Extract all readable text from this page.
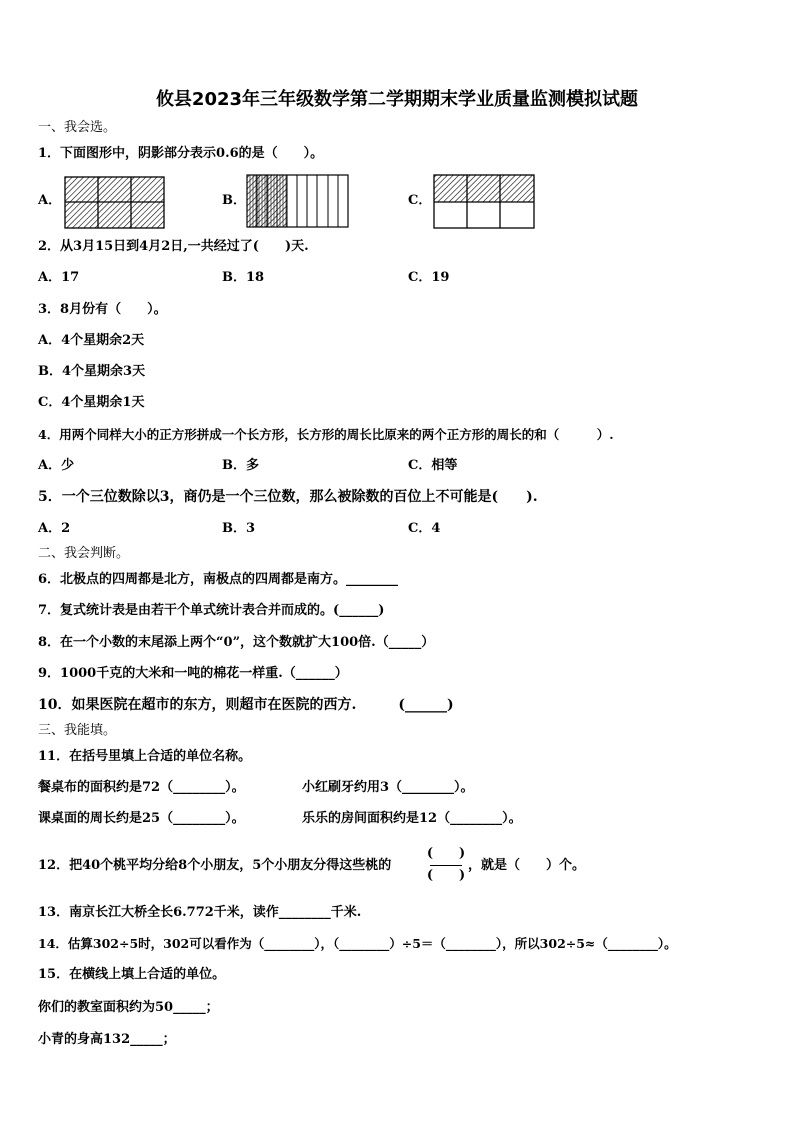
攸县2023年三年级数学第二学期期末学业质量监测模拟试题
一、我会选。
1．下面图形中，阴影部分表示0.6的是（　　）。
A．	B．	C．
2．从3月15日到4月2日,一共经过了(　　)天.
A．17	B．18	C．19
3．8月份有（　　）。
A．4个星期余2天
B．4个星期余3天
C．4个星期余1天
4．用两个同样大小的正方形拼成一个长方形，长方形的周长比原来的两个正方形的周长的和（　　　）.
A．少	B．多	C．相等
5．一个三位数除以3，商仍是一个三位数，那么被除数的百位上不可能是(　　).
A．2	B．3	C．4
二、我会判断。
6．北极点的四周都是北方，南极点的四周都是南方。________
7．复式统计表是由若干个单式统计表合并而成的。(______)
8．在一个小数的末尾添上两个“0”，这个数就扩大100倍.（_____）
9．1000千克的大米和一吨的棉花一样重.（______）
10．如果医院在超市的东方，则超市在医院的西方.　　　(______)
三、我能填。
11．在括号里填上合适的单位名称。
餐桌布的面积约是72（________）。	小红刷牙约用3（________）。
课桌面的周长约是25（________）。	乐乐的房间面积约是12（________）。
12．把40个桃平均分给8个小朋友，5个小朋友分得这些桃的
(　　)
(　　)
，就是（　　）个。
13．南京长江大桥全长6.772千米，读作________千米.
14．估算302÷5时，302可以看作为（________），（________）÷5＝（________），所以302÷5≈（________）。
15．在横线上填上合适的单位。
你们的教室面积约为50_____；
小青的身高132_____；
